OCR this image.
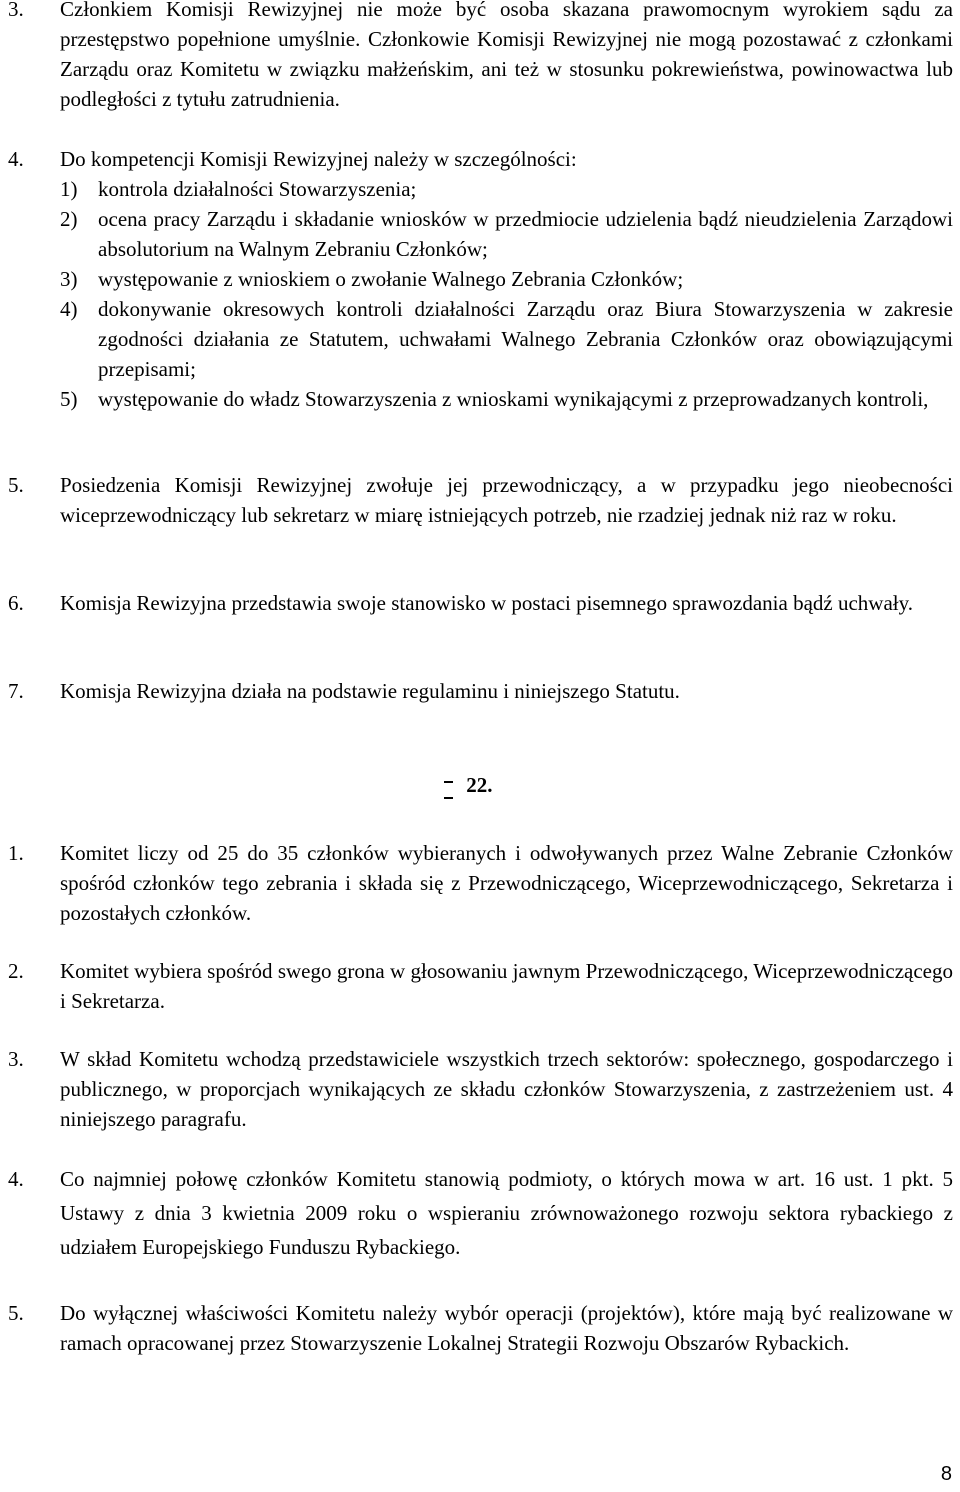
3. Członkiem Komisji Rewizyjnej nie może być osoba skazana prawomocnym wyrokiem sądu za przestępstwo popełnione umyślnie. Członkowie Komisji Rewizyjnej nie mogą pozostawać z członkami Zarządu oraz Komitetu w związku małżeńskim, ani też w stosunku pokrewieństwa, powinowactwa lub podległości z tytułu zatrudnienia.

4. Do kompetencji Komisji Rewizyjnej należy w szczególności:

1) kontrola działalności Stowarzyszenia;
2) ocena pracy Zarządu i składanie wniosków w przedmiocie udzielenia bądź nieudzielenia Zarządowi absolutorium na Walnym Zebraniu Członków;
3) występowanie z wnioskiem o zwołanie Walnego Zebrania Członków;
4) dokonywanie okresowych kontroli działalności Zarządu oraz Biura Stowarzyszenia w zakresie zgodności działania ze Statutem, uchwałami Walnego Zebrania Członków oraz obowiązującymi przepisami;
5) występowanie do władz Stowarzyszenia z wnioskami wynikającymi z przeprowadzanych kontroli,
5. Posiedzenia Komisji Rewizyjnej zwołuje jej przewodniczący, a w przypadku jego nieobecności wiceprzewodniczący lub sekretarz w miarę istniejących potrzeb, nie rzadziej jednak niż raz w roku.

6. Komisja Rewizyjna przedstawia swoje stanowisko w postaci pisemnego sprawozdania bądź uchwały.

7. Komisja Rewizyjna działa na podstawie regulaminu i niniejszego Statutu.

22.
1. Komitet liczy od 25 do 35 członków wybieranych i odwoływanych przez Walne Zebranie Członków spośród członków tego zebrania i składa się z Przewodniczącego, Wiceprzewodniczącego, Sekretarza i pozostałych członków.

2. Komitet wybiera spośród swego grona w głosowaniu jawnym Przewodniczącego, Wiceprzewodniczącego i Sekretarza.

3. W skład Komitetu wchodzą przedstawiciele wszystkich trzech sektorów: społecznego, gospodarczego i publicznego, w proporcjach wynikających ze składu członków Stowarzyszenia, z zastrzeżeniem ust. 4 niniejszego paragrafu.

4. Co najmniej połowę członków Komitetu stanowią podmioty, o których mowa w art. 16 ust. 1 pkt. 5 Ustawy z dnia 3 kwietnia 2009 roku o wspieraniu zrównoważonego rozwoju sektora rybackiego z udziałem Europejskiego Funduszu Rybackiego.

5. Do wyłącznej właściwości Komitetu należy wybór operacji (projektów), które mają być realizowane w ramach opracowanej przez Stowarzyszenie Lokalnej Strategii Rozwoju Obszarów Rybackich.

8
